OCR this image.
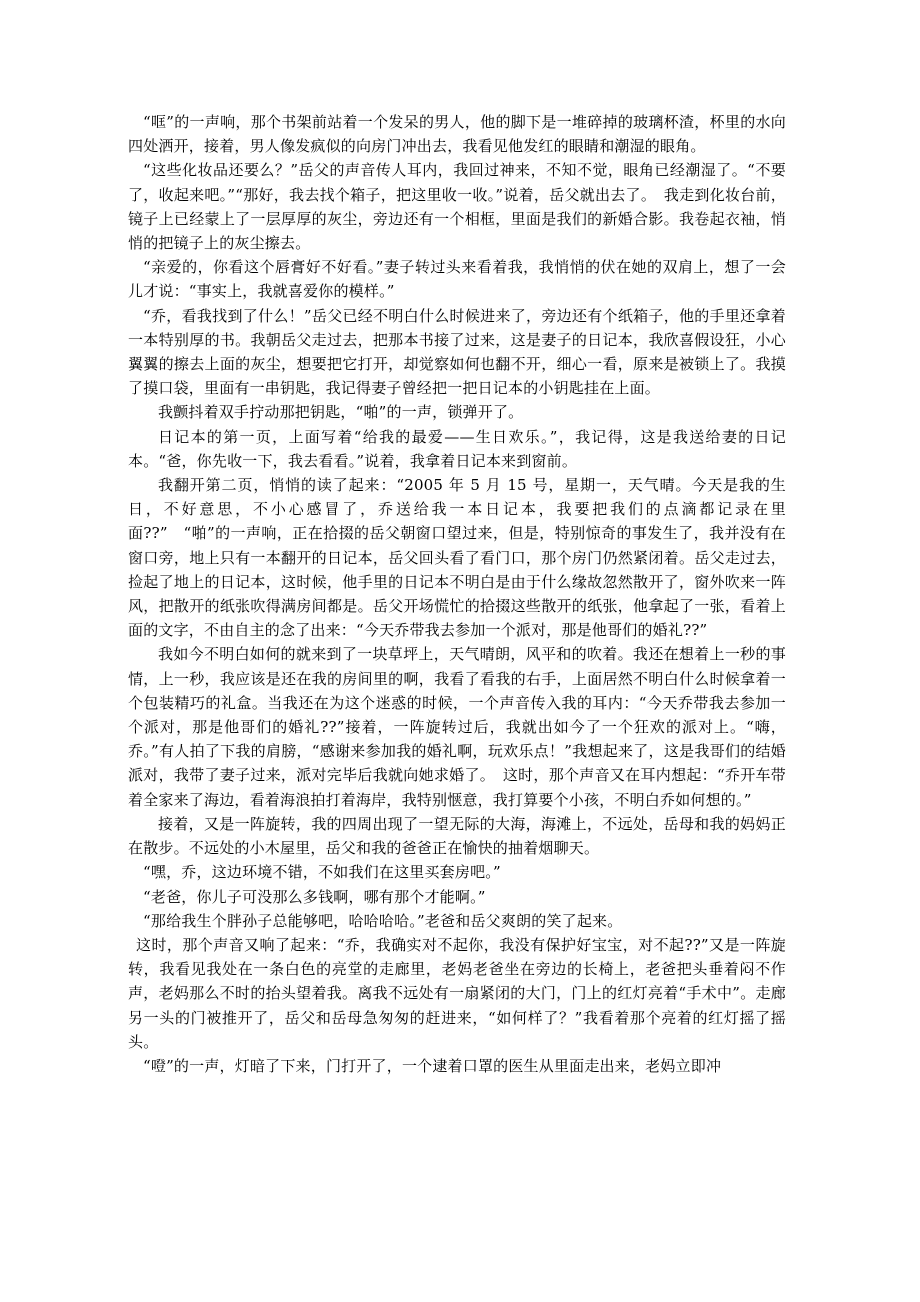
“哐”的一声响，那个书架前站着一个发呆的男人，他的脚下是一堆碎掉的玻璃杯渣，杯里的水向四处洒开，接着，男人像发疯似的向房门冲出去，我看见他发红的眼睛和潮湿的眼角。

“这些化妆品还要么？”岳父的声音传人耳内，我回过神来，不知不觉，眼角已经潮湿了。“不要了，收起来吧。”“那好，我去找个箱子，把这里收一收。”说着，岳父就出去了。　我走到化妆台前，镜子上已经蒙上了一层厚厚的灰尘，旁边还有一个相框，里面是我们的新婚合影。我卷起衣袖，悄悄的把镜子上的灰尘擦去。

“亲爱的，你看这个唇膏好不好看。”妻子转过头来看着我，我悄悄的伏在她的双肩上，想了一会儿才说：“事实上，我就喜爱你的模样。”

“乔，看我找到了什么！”岳父已经不明白什么时候进来了，旁边还有个纸箱子，他的手里还拿着一本特别厚的书。我朝岳父走过去，把那本书接了过来，这是妻子的日记本，我欣喜假设狂，小心翼翼的擦去上面的灰尘，想要把它打开，却觉察如何也翻不开，细心一看，原来是被锁上了。我摸了摸口袋，里面有一串钥匙，我记得妻子曾经把一把日记本的小钥匙挂在上面。

我颤抖着双手拧动那把钥匙，“啪”的一声，锁弹开了。

日记本的第一页，上面写着“给我的最爱——生日欢乐。”，我记得，这是我送给妻的日记本。“爸，你先收一下，我去看看。”说着，我拿着日记本来到窗前。

我翻开第二页，悄悄的读了起来：“2005 年 5 月 15 号，星期一，天气晴。今天是我的生日，不好意思，不小心感冒了，乔送给我一本日记本，我要把我们的点滴都记录在里面??”　“啪”的一声响，正在拾掇的岳父朝窗口望过来，但是，特别惊奇的事发生了，我并没有在窗口旁，地上只有一本翻开的日记本，岳父回头看了看门口，那个房门仍然紧闭着。岳父走过去，捡起了地上的日记本，这时候，他手里的日记本不明白是由于什么缘故忽然散开了，窗外吹来一阵风，把散开的纸张吹得满房间都是。岳父开场慌忙的拾掇这些散开的纸张，他拿起了一张，看着上面的文字，不由自主的念了出来：“今天乔带我去参加一个派对，那是他哥们的婚礼??”

我如今不明白如何的就来到了一块草坪上，天气晴朗，风平和的吹着。我还在想着上一秒的事情，上一秒，我应该是还在我的房间里的啊，我看了看我的右手，上面居然不明白什么时候拿着一个包装精巧的礼盒。当我还在为这个迷惑的时候，一个声音传入我的耳内：“今天乔带我去参加一个派对，那是他哥们的婚礼??”接着，一阵旋转过后，我就出如今了一个狂欢的派对上。“嗨，乔。”有人拍了下我的肩膀，“感谢来参加我的婚礼啊，玩欢乐点！”我想起来了，这是我哥们的结婚派对，我带了妻子过来，派对完毕后我就向她求婚了。　这时，那个声音又在耳内想起：“乔开车带着全家来了海边，看着海浪拍打着海岸，我特别惬意，我打算要个小孩，不明白乔如何想的。”

接着，又是一阵旋转，我的四周出现了一望无际的大海，海滩上，不远处，岳母和我的妈妈正在散步。不远处的小木屋里，岳父和我的爸爸正在愉快的抽着烟聊天。

“嘿，乔，这边环境不错，不如我们在这里买套房吧。”

“老爸，你儿子可没那么多钱啊，哪有那个才能啊。”

“那给我生个胖孙子总能够吧，哈哈哈哈。”老爸和岳父爽朗的笑了起来。

这时，那个声音又响了起来：“乔，我确实对不起你，我没有保护好宝宝，对不起??”又是一阵旋转，我看见我处在一条白色的亮堂的走廊里，老妈老爸坐在旁边的长椅上，老爸把头垂着闷不作声，老妈那么不时的抬头望着我。离我不远处有一扇紧闭的大门，门上的红灯亮着“手术中”。走廊另一头的门被推开了，岳父和岳母急匆匆的赶进来，“如何样了？”我看着那个亮着的红灯摇了摇头。

“噔”的一声，灯暗了下来，门打开了，一个逮着口罩的医生从里面走出来，老妈立即冲
